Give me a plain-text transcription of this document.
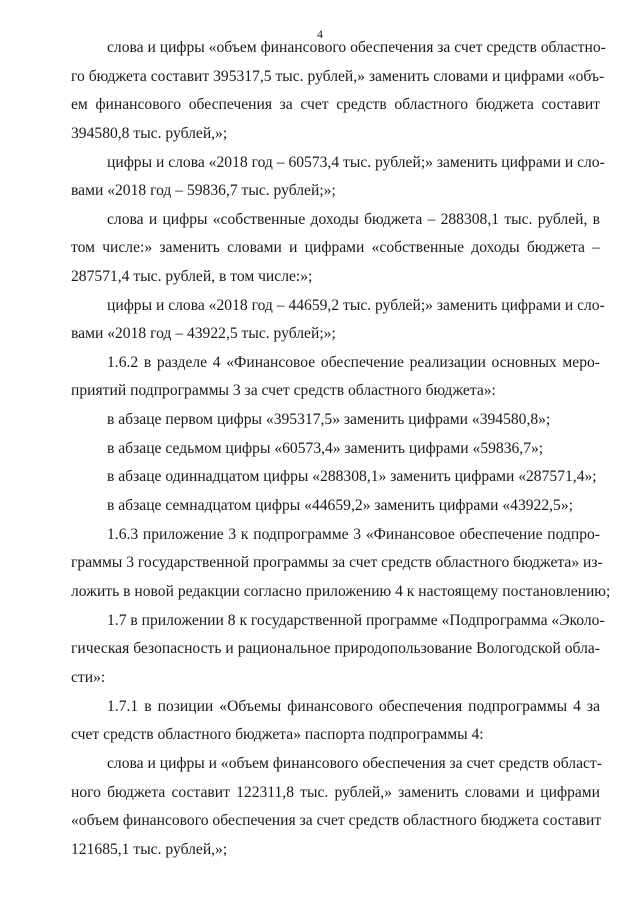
4
слова и цифры «объем финансового обеспечения за счет средств областно-
го бюджета составит 395317,5 тыс. рублей,» заменить словами и цифрами «объ-
ем финансового обеспечения за счет средств областного бюджета составит
394580,8 тыс. рублей,»;
цифры и слова «2018 год – 60573,4 тыс. рублей;» заменить цифрами и сло-
вами «2018 год – 59836,7 тыс. рублей;»;
слова и цифры «собственные доходы бюджета – 288308,1 тыс. рублей, в
том числе:» заменить словами и цифрами «собственные доходы бюджета –
287571,4 тыс. рублей, в том числе:»;
цифры и слова «2018 год – 44659,2 тыс. рублей;» заменить цифрами и сло-
вами «2018 год – 43922,5 тыс. рублей;»;
1.6.2 в разделе 4 «Финансовое обеспечение реализации основных меро-
приятий подпрограммы 3 за счет средств областного бюджета»:
в абзаце первом цифры «395317,5» заменить цифрами «394580,8»;
в абзаце седьмом цифры «60573,4» заменить цифрами «59836,7»;
в абзаце одиннадцатом цифры «288308,1» заменить цифрами «287571,4»;
в абзаце семнадцатом цифры «44659,2» заменить цифрами «43922,5»;
1.6.3 приложение 3 к подпрограмме 3 «Финансовое обеспечение подпро-
граммы 3 государственной программы за счет средств областного бюджета» из-
ложить в новой редакции согласно приложению 4 к настоящему постановлению;
1.7 в приложении 8 к государственной программе «Подпрограмма «Эколо-
гическая безопасность и рациональное природопользование Вологодской обла-
сти»:
1.7.1 в позиции «Объемы финансового обеспечения подпрограммы 4 за
счет средств областного бюджета» паспорта подпрограммы 4:
слова и цифры и «объем финансового обеспечения за счет средств област-
ного бюджета составит 122311,8 тыс. рублей,» заменить словами и цифрами
«объем финансового обеспечения за счет средств областного бюджета составит
121685,1 тыс. рублей,»;
